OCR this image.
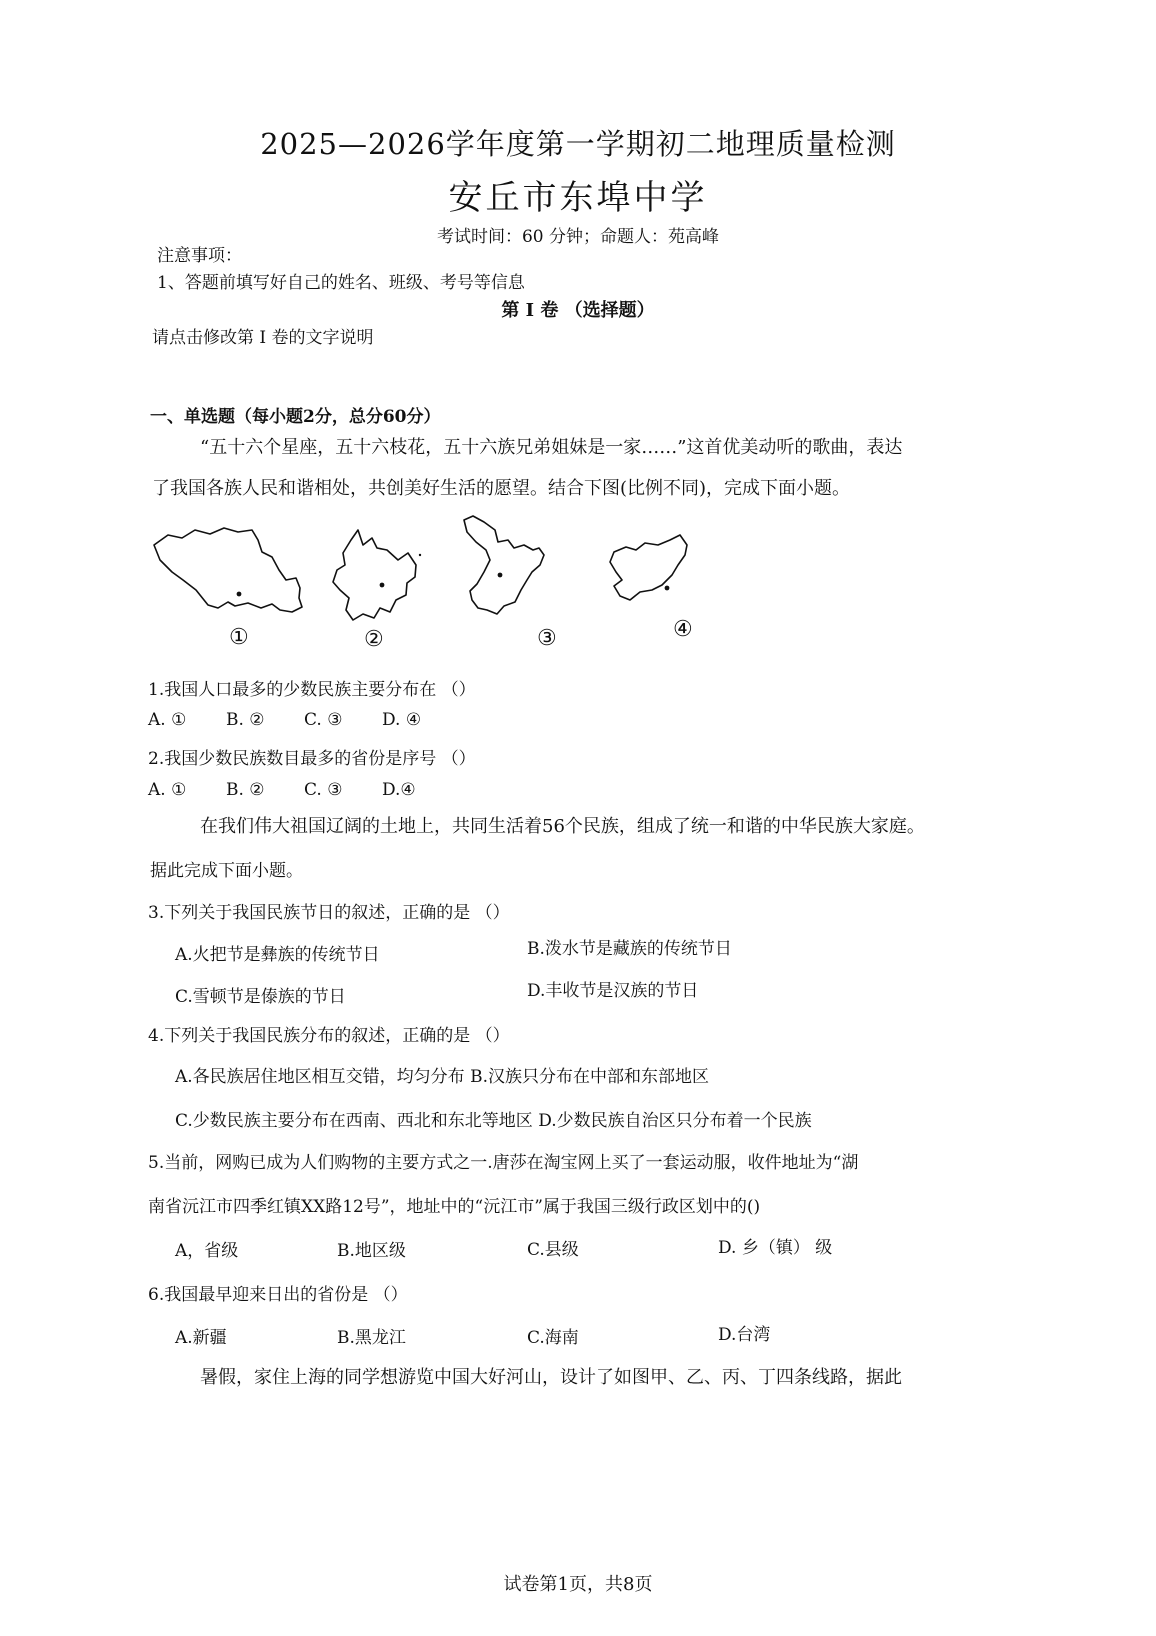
2025—2026学年度第一学期初二地理质量检测
安丘市东埠中学
考试时间：60 分钟；命题人：苑高峰
注意事项：
1、答题前填写好自己的姓名、班级、考号等信息
第 I 卷 （选择题）
请点击修改第 I 卷的文字说明
一、单选题（每小题2分，总分60分）
“五十六个星座，五十六枝花，五十六族兄弟姐妹是一家……”这首优美动听的歌曲，表达
了我国各族人民和谐相处，共创美好生活的愿望。结合下图(比例不同)，完成下面小题。
①	②	③	④
1.我国人口最多的少数民族主要分布在 （）
A. ① B. ② C. ③ D. ④
2.我国少数民族数目最多的省份是序号 （）
A. ① B. ② C. ③ D.④
在我们伟大祖国辽阔的土地上，共同生活着56个民族，组成了统一和谐的中华民族大家庭。
据此完成下面小题。
3.下列关于我国民族节日的叙述，正确的是 （）
A.火把节是彝族的传统节日	B.泼水节是藏族的传统节日
C.雪顿节是傣族的节日	D.丰收节是汉族的节日
4.下列关于我国民族分布的叙述，正确的是 （）
A.各民族居住地区相互交错，均匀分布 B.汉族只分布在中部和东部地区
C.少数民族主要分布在西南、西北和东北等地区 D.少数民族自治区只分布着一个民族
5.当前，网购已成为人们购物的主要方式之一.唐莎在淘宝网上买了一套运动服，收件地址为“湖
南省沅江市四季红镇XX路12号”，地址中的“沅江市”属于我国三级行政区划中的()
A，省级	B.地区级	C.县级	D. 乡（镇） 级
6.我国最早迎来日出的省份是 （）
A.新疆	B.黑龙江	C.海南	D.台湾
暑假，家住上海的同学想游览中国大好河山，设计了如图甲、乙、丙、丁四条线路，据此
试卷第1页，共8页
